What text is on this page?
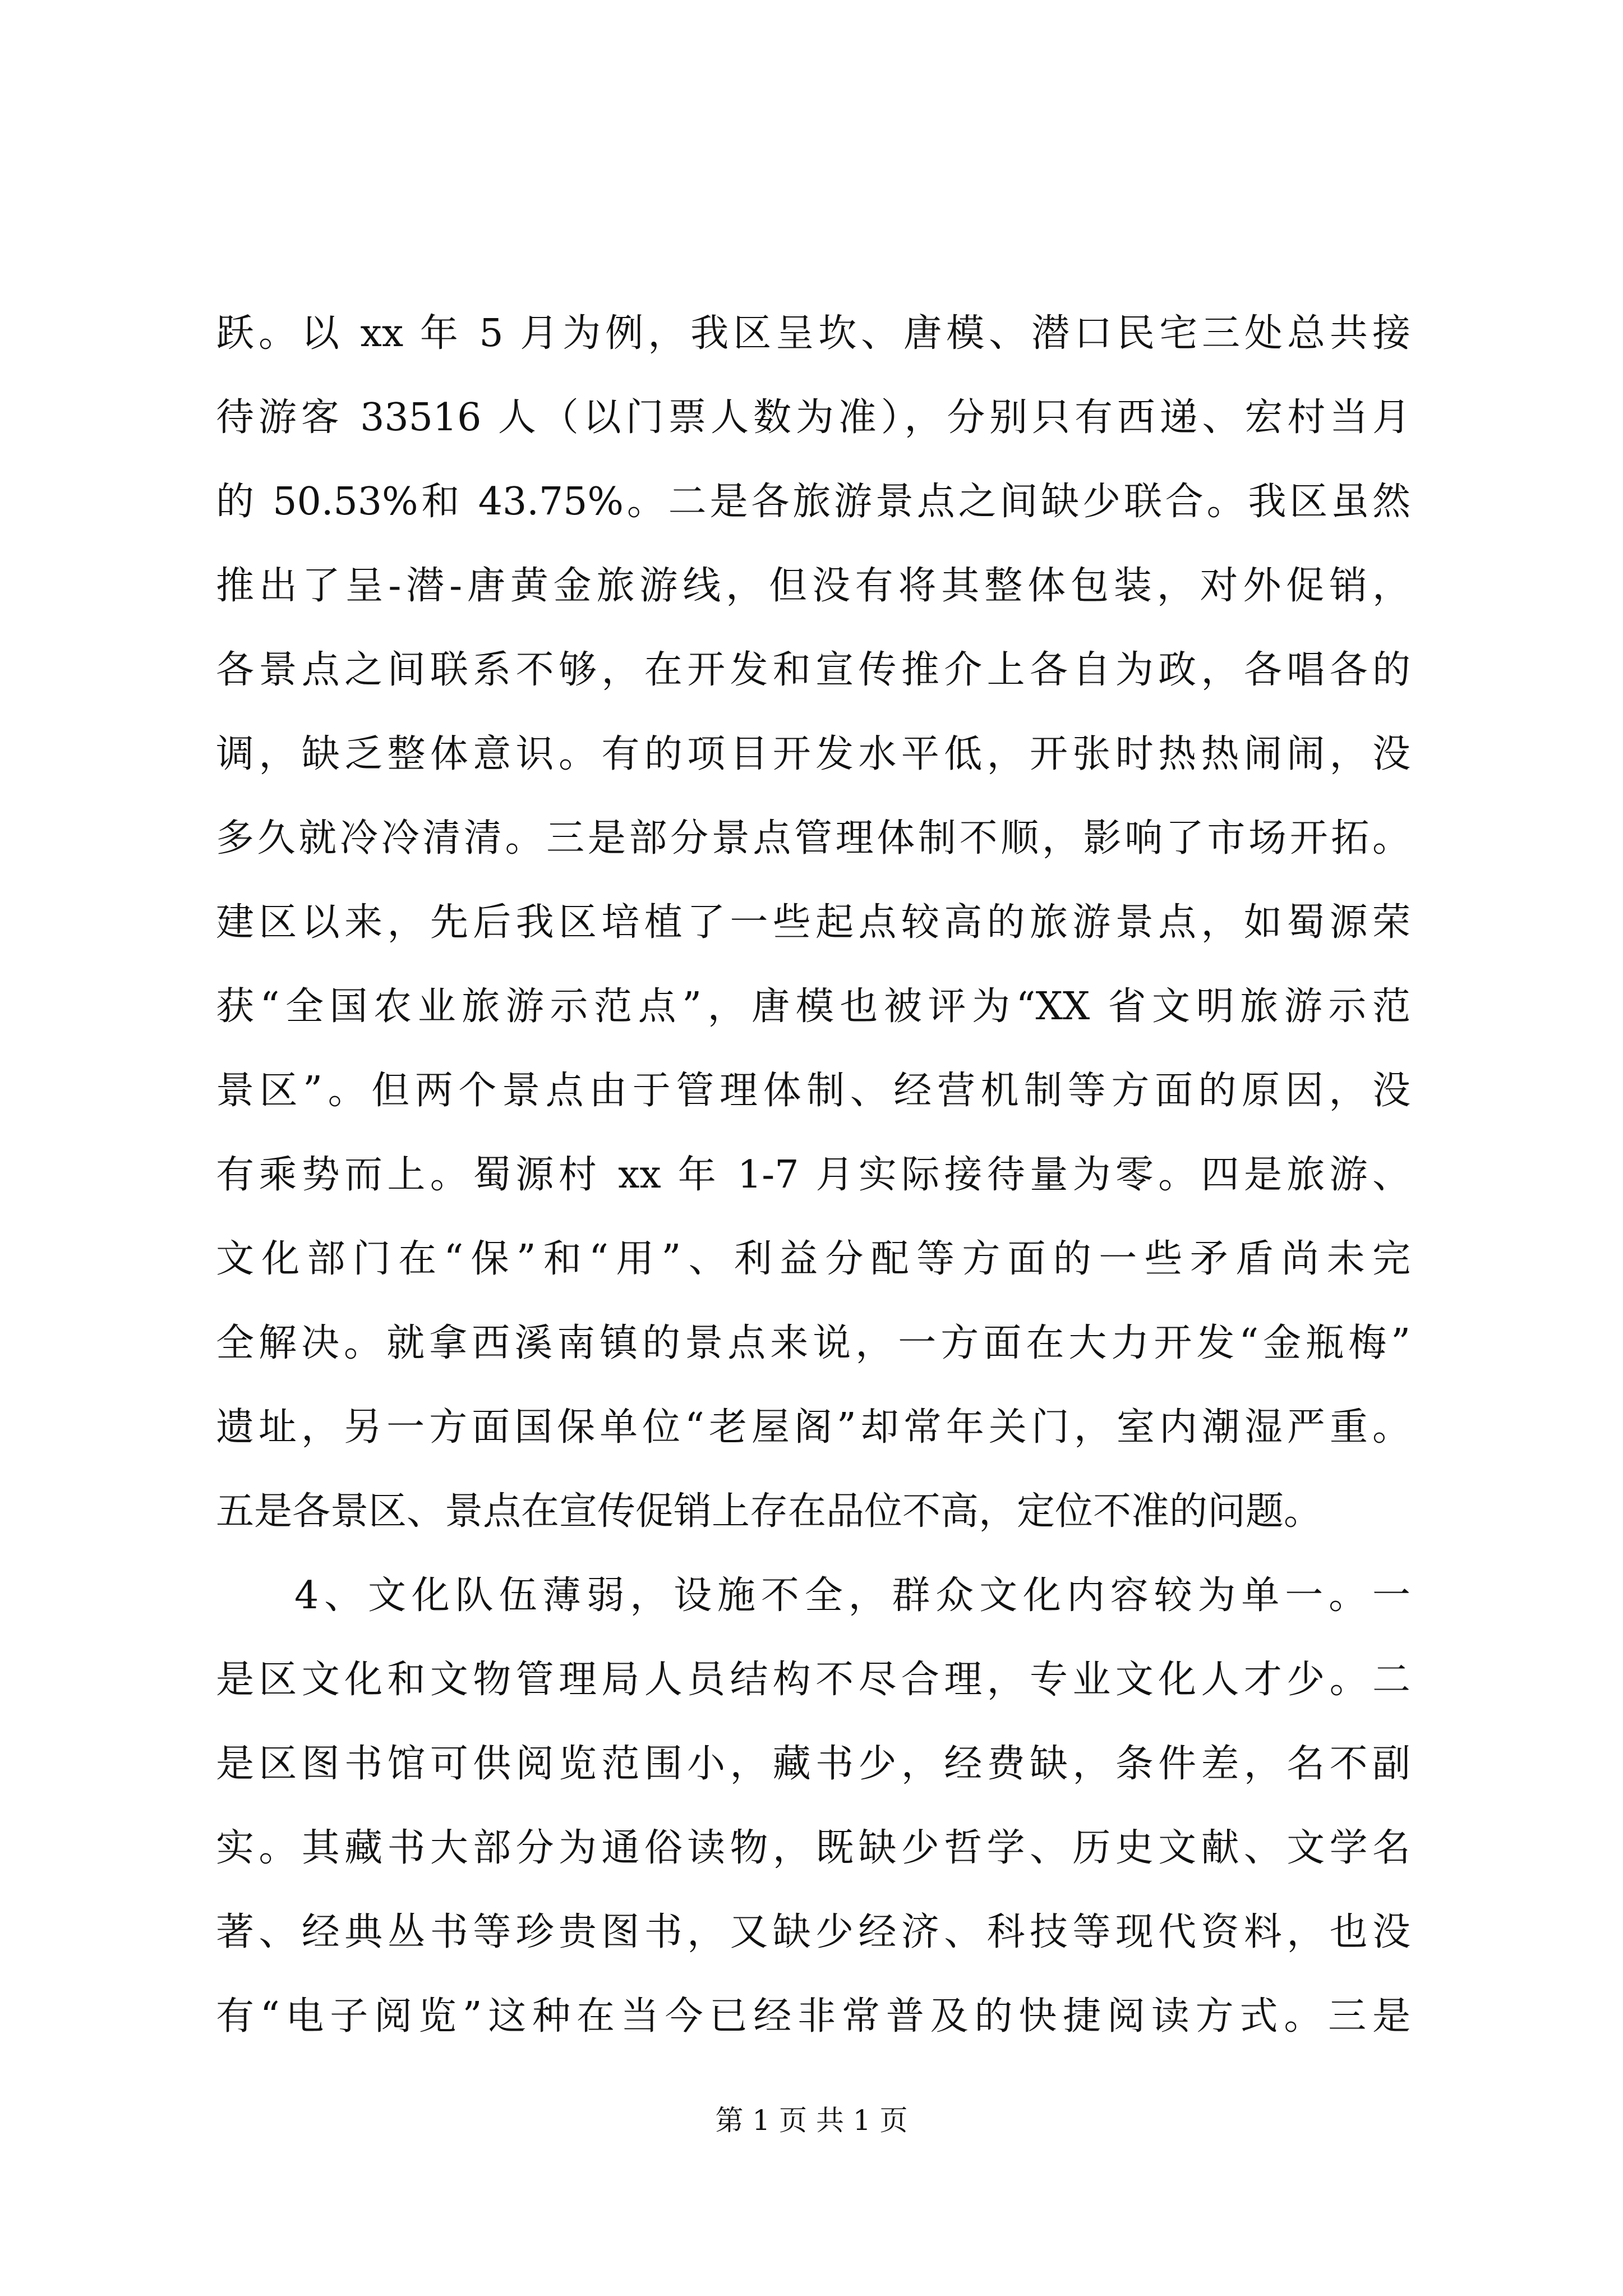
跃。以 xx 年 5 月为例，我区呈坎、唐模、潜口民宅三处总共接
待游客 33516 人（以门票人数为准），分别只有西递、宏村当月
的 50.53%和 43.75%。二是各旅游景点之间缺少联合。我区虽然
推出了呈-潜-唐黄金旅游线，但没有将其整体包装，对外促销，
各景点之间联系不够，在开发和宣传推介上各自为政，各唱各的
调，缺乏整体意识。有的项目开发水平低，开张时热热闹闹，没
多久就冷冷清清。三是部分景点管理体制不顺，影响了市场开拓。
建区以来，先后我区培植了一些起点较高的旅游景点，如蜀源荣
获“全国农业旅游示范点”，唐模也被评为“XX 省文明旅游示范
景区”。但两个景点由于管理体制、经营机制等方面的原因，没
有乘势而上。蜀源村 xx 年 1-7 月实际接待量为零。四是旅游、
文化部门在“保”和“用”、利益分配等方面的一些矛盾尚未完
全解决。就拿西溪南镇的景点来说，一方面在大力开发“金瓶梅”
遗址，另一方面国保单位“老屋阁”却常年关门，室内潮湿严重。
五是各景区、景点在宣传促销上存在品位不高，定位不准的问题。
4、文化队伍薄弱，设施不全，群众文化内容较为单一。一
是区文化和文物管理局人员结构不尽合理，专业文化人才少。二
是区图书馆可供阅览范围小，藏书少，经费缺，条件差，名不副
实。其藏书大部分为通俗读物，既缺少哲学、历史文献、文学名
著、经典丛书等珍贵图书，又缺少经济、科技等现代资料，也没
有“电子阅览”这种在当今已经非常普及的快捷阅读方式。三是
第 1 页 共 1 页
